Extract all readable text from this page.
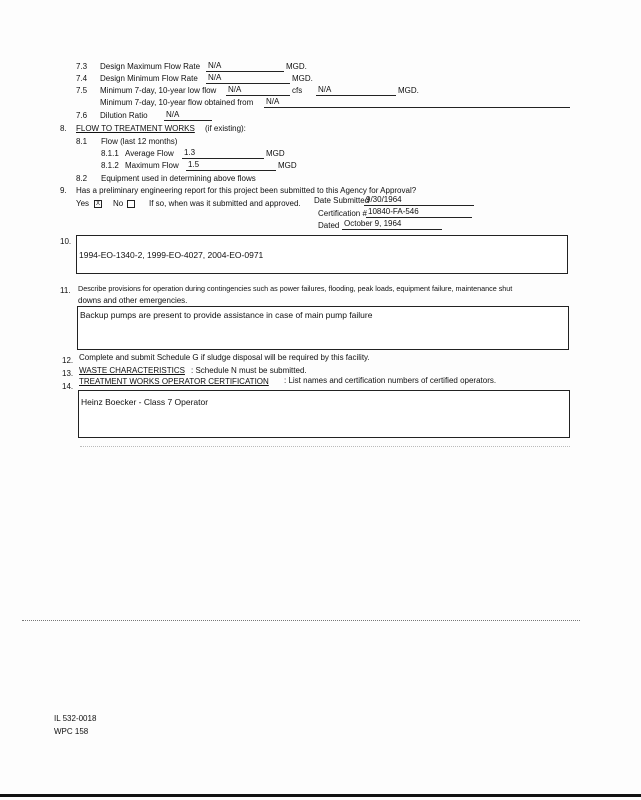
7.3 Design Maximum Flow Rate N/A	MGD.
7.4 Design Minimum Flow Rate N/A	MGD.
7.5 Minimum 7-day, 10-year low flow N/A	cfs N/A	MGD.
Minimum 7-day, 10-year flow obtained from N/A
7.6 Dilution Ratio N/A
8. FLOW TO TREATMENT WORKS (if existing):
8.1 Flow (last 12 months)
8.1.1 Average Flow 1.3	MGD
8.1.2 Maximum Flow 1.5	MGD
8.2 Equipment used in determining above flows
9. Has a preliminary engineering report for this project been submitted to this Agency for Approval?
Yes	X No	If so, when was it submitted and approved. Date Submitted
9/30/1964
Certification # 10840-FA-546
Dated October 9, 1964
10.
1994-EO-1340-2, 1999-EO-4027, 2004-EO-0971
11. Describe provisions for operation during contingencies such as power failures, flooding, peak loads, equipment failure, maintenance shut
downs and other emergencies.
Backup pumps are present to provide assistance in case of main pump failure
12. Complete and submit Schedule G if sludge disposal will be required by this facility.
13. WASTE CHARACTERISTICS : Schedule N must be submitted.
14.
TREATMENT WORKS OPERATOR CERTIFICATION : List names and certification numbers of certified operators.
Heinz Boecker - Class 7 Operator
IL 532-0018
WPC 158
